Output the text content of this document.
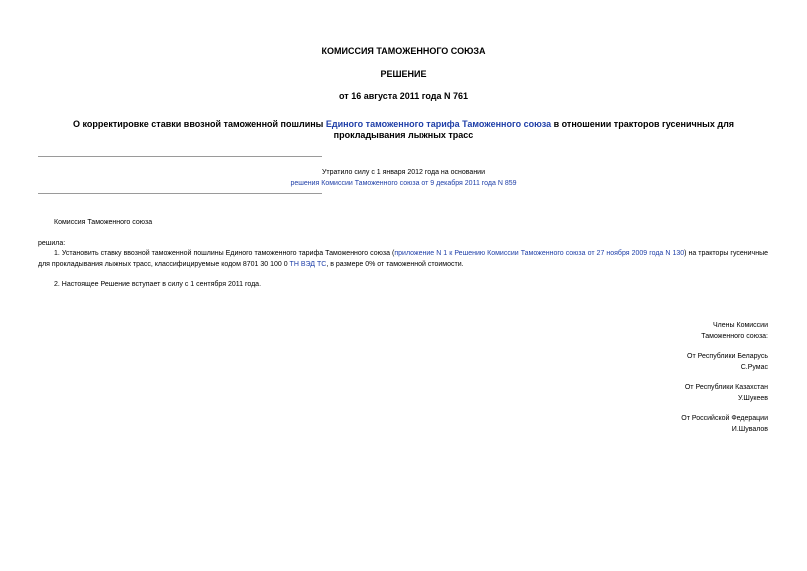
КОМИССИЯ ТАМОЖЕННОГО СОЮЗА
РЕШЕНИЕ
от 16 августа 2011 года N 761
О корректировке ставки ввозной таможенной пошлины Единого таможенного тарифа Таможенного союза в отношении тракторов гусеничных для прокладывания лыжных трасс
Утратило силу с 1 января 2012 года на основании
решения Комиссии Таможенного союза от 9 декабря 2011 года N 859
Комиссия Таможенного союза
решила:
1. Установить ставку ввозной таможенной пошлины Единого таможенного тарифа Таможенного союза (приложение N 1 к Решению Комиссии Таможенного союза от 27 ноября 2009 года N 130) на тракторы гусеничные для прокладывания лыжных трасс, классифицируемые кодом 8701 30 100 0 ТН ВЭД ТС, в размере 0% от таможенной стоимости.
2. Настоящее Решение вступает в силу с 1 сентября 2011 года.
Члены Комиссии
Таможенного союза:
От Республики Беларусь
С.Румас
От Республики Казахстан
У.Шукеев
От Российской Федерации
И.Шувалов
